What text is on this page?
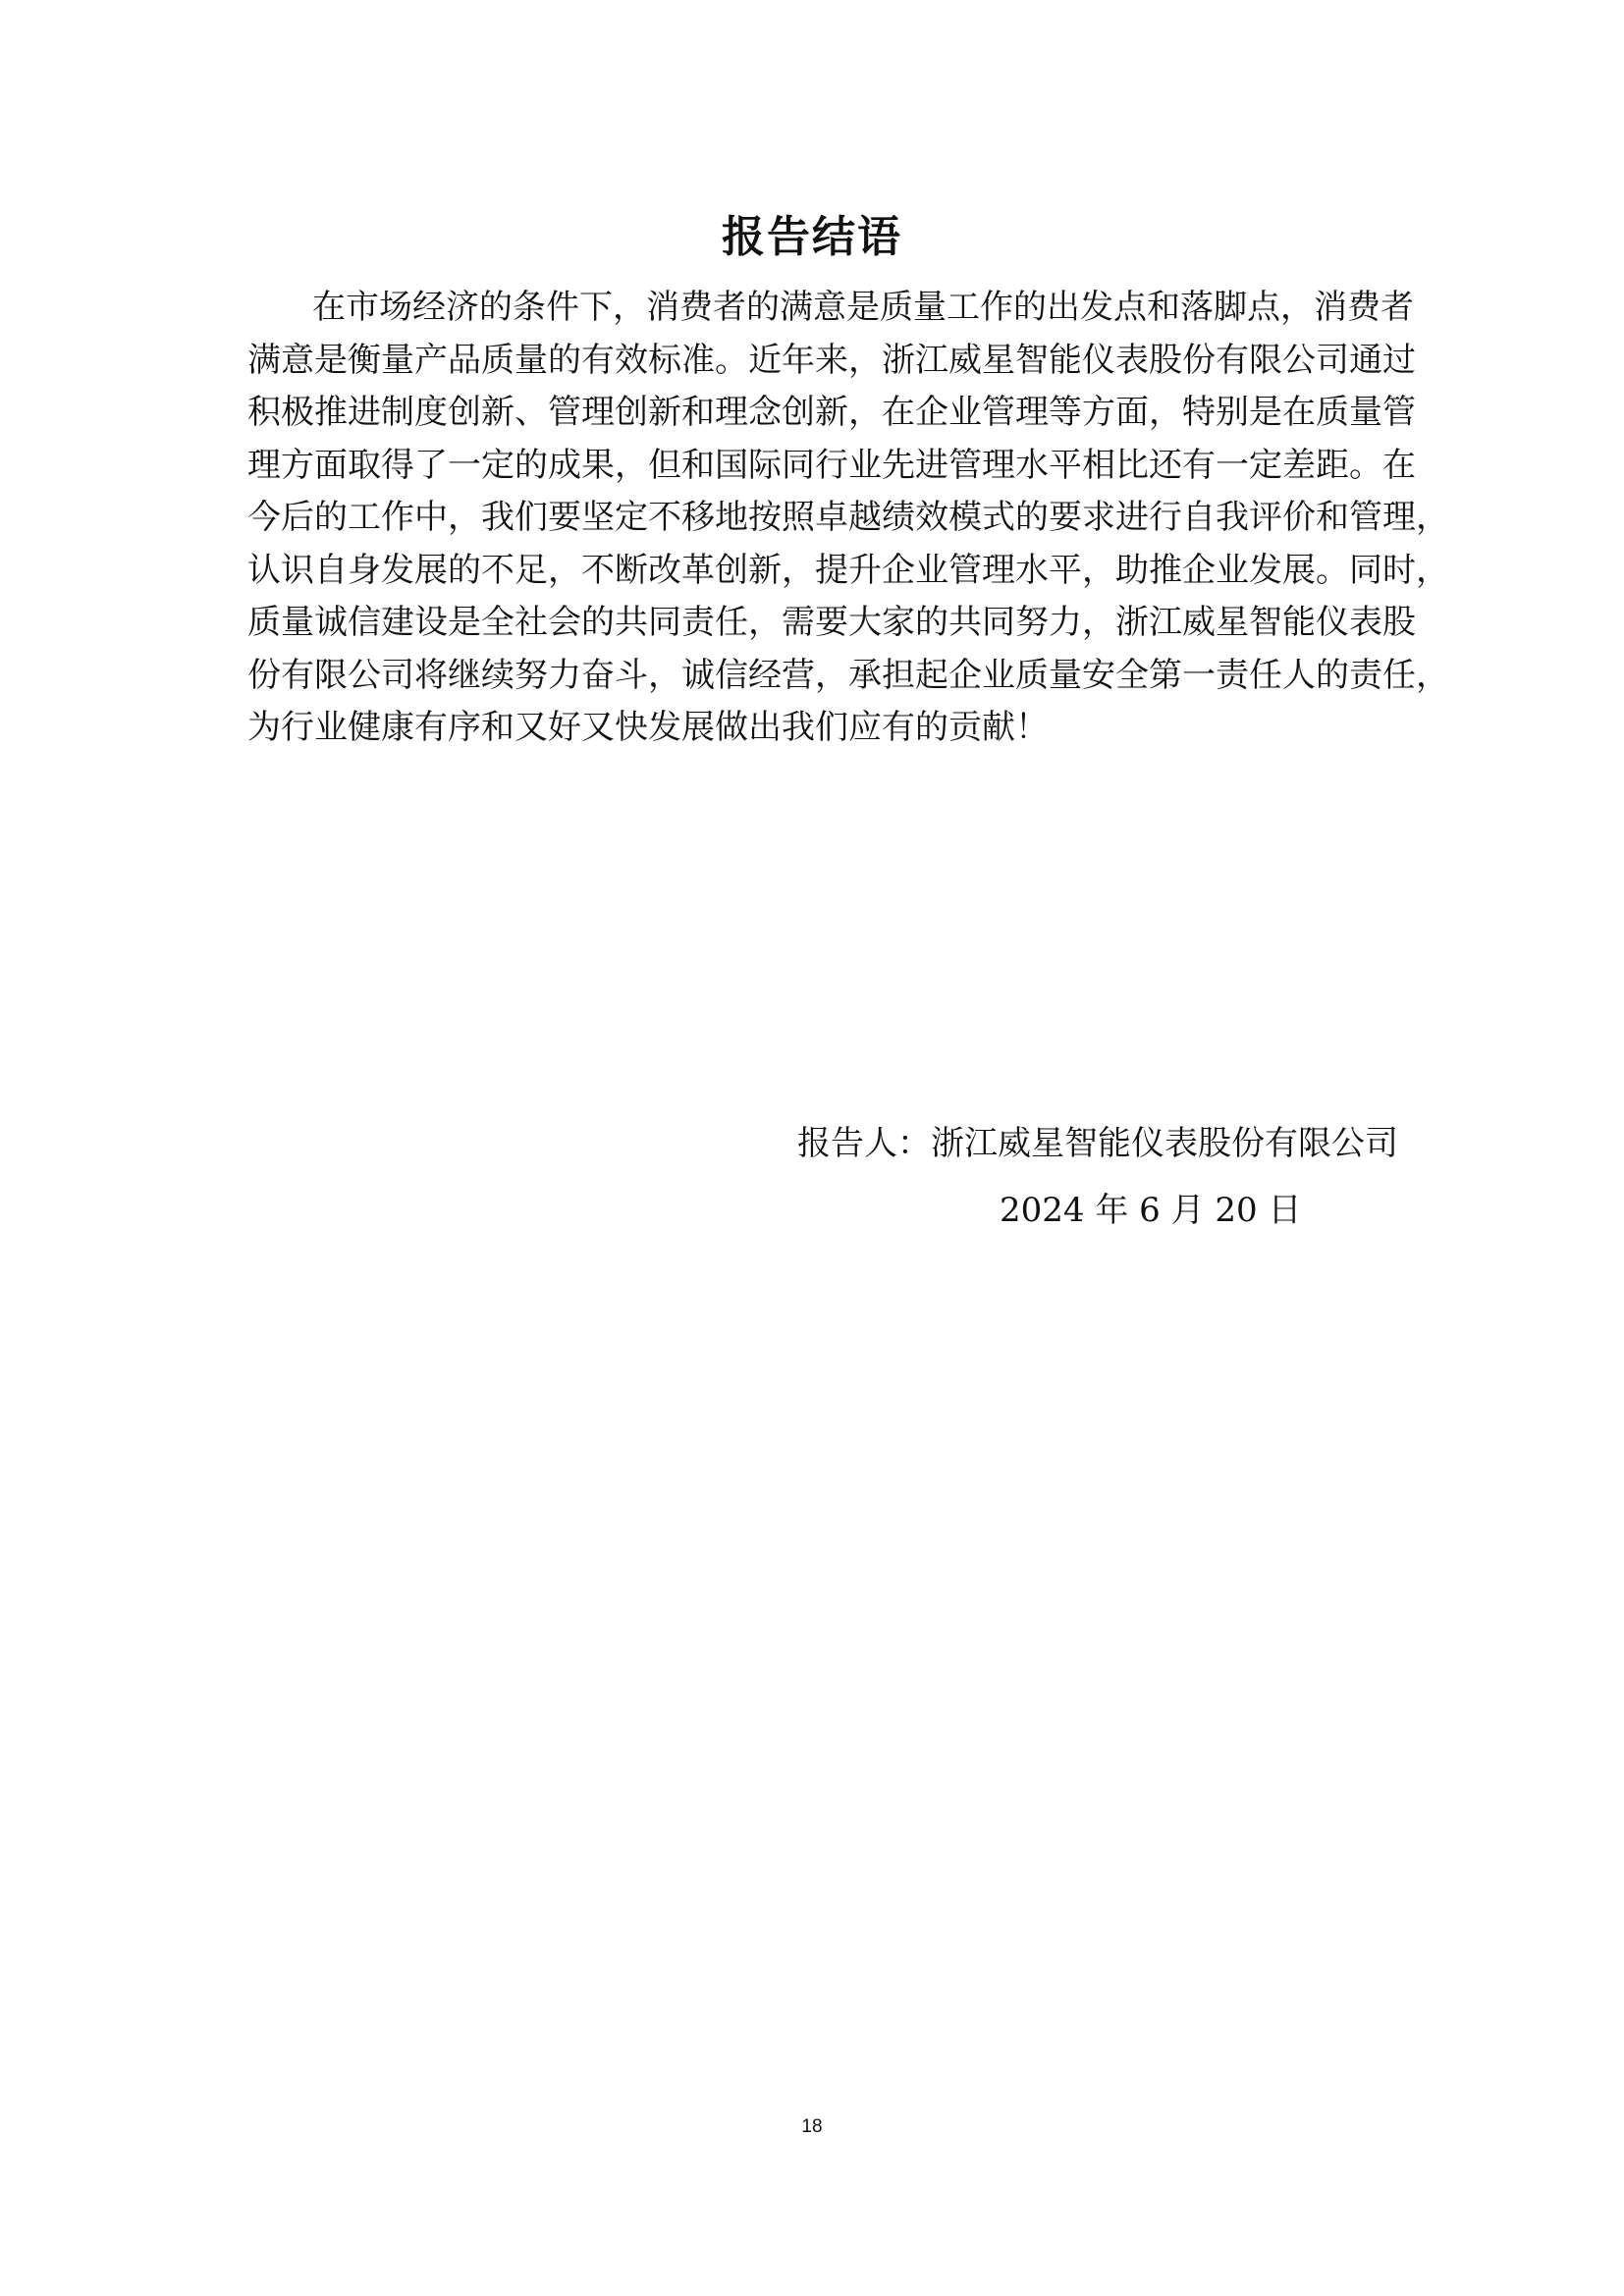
报告结语
在市场经济的条件下，消费者的满意是质量工作的出发点和落脚点，消费者
满意是衡量产品质量的有效标准。近年来，浙江威星智能仪表股份有限公司通过
积极推进制度创新、管理创新和理念创新，在企业管理等方面，特别是在质量管
理方面取得了一定的成果，但和国际同行业先进管理水平相比还有一定差距。在
今后的工作中，我们要坚定不移地按照卓越绩效模式的要求进行自我评价和管理，
认识自身发展的不足，不断改革创新，提升企业管理水平，助推企业发展。同时，
质量诚信建设是全社会的共同责任，需要大家的共同努力，浙江威星智能仪表股
份有限公司将继续努力奋斗，诚信经营，承担起企业质量安全第一责任人的责任，
为行业健康有序和又好又快发展做出我们应有的贡献！
报告人：浙江威星智能仪表股份有限公司
2024 年 6 月 20 日
18
